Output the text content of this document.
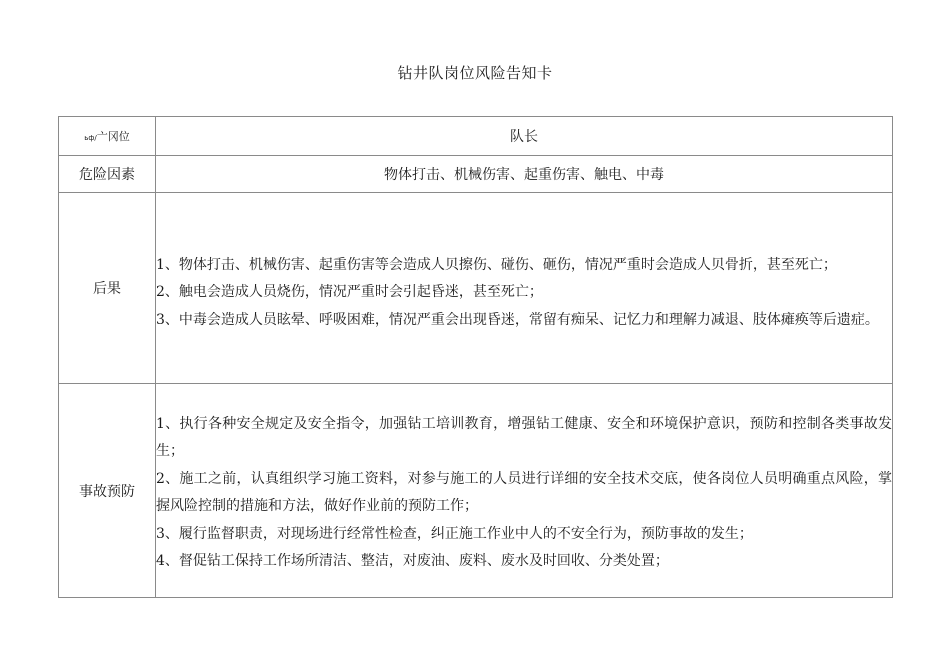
钻井队岗位风险告知卡
ьф/亠冈位	队长
危险因素	物体打击、机械伤害、起重伤害、触电、中毒
后果	1、物体打击、机械伤害、起重伤害等会造成人贝擦伤、碰伤、砸伤，情况严重时会造成人贝骨折，甚至死亡；
2、触电会造成人员烧伤，情况严重时会引起昏迷，甚至死亡；
3、中毒会造成人员眩晕、呼吸困难，情况严重会出现昏迷，常留有痴呆、记忆力和理解力减退、肢体瘫痪等后遗症。

事故预防	1、执行各种安全规定及安全指令，加强钻工培训教育，增强钻工健康、安全和环境保护意识，预防和控制各类事故发生；
2、施工之前，认真组织学习施工资料，对参与施工的人员进行详细的安全技术交底，使各岗位人员明确重点风险，掌握风险控制的措施和方法，做好作业前的预防工作；
3、履行监督职责，对现场进行经常性检查，纠正施工作业中人的不安全行为，预防事故的发生；
4、督促钻工保持工作场所清洁、整洁，对废油、废料、废水及时回收、分类处置；
